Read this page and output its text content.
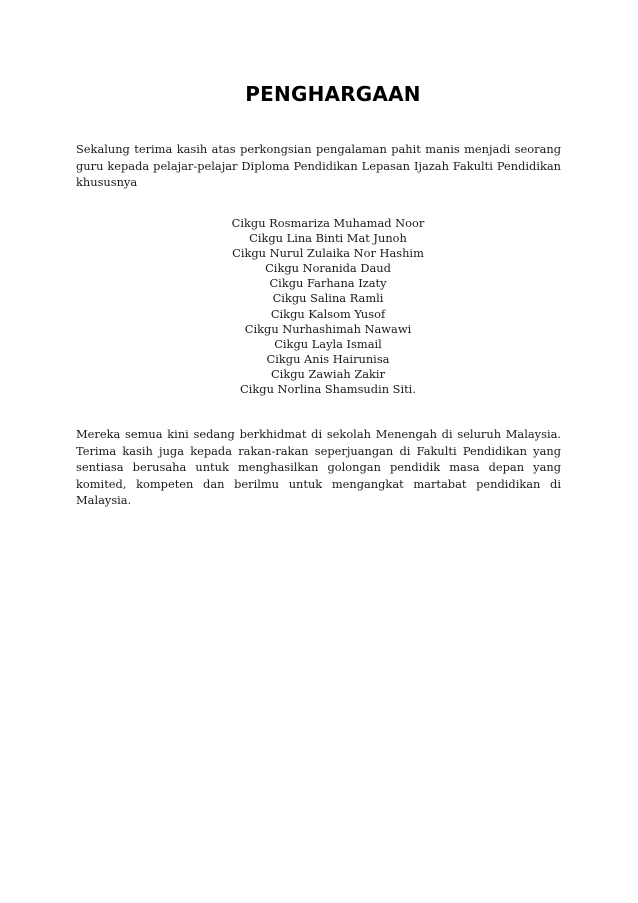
PENGHARGAAN

Sekalung terima kasih atas perkongsian pengalaman pahit manis menjadi seorang guru kepada pelajar-pelajar Diploma Pendidikan Lepasan Ijazah Fakulti Pendidikan khususnya

Cikgu Rosmariza Muhamad Noor
Cikgu Lina Binti Mat Junoh
Cikgu Nurul Zulaika Nor Hashim
Cikgu Noranida Daud
Cikgu Farhana Izaty
Cikgu Salina Ramli
Cikgu Kalsom Yusof
Cikgu Nurhashimah Nawawi
Cikgu Layla Ismail
Cikgu Anis Hairunisa
Cikgu Zawiah Zakir
Cikgu Norlina Shamsudin Siti.

Mereka semua kini sedang berkhidmat di sekolah Menengah di seluruh Malaysia. Terima kasih juga kepada rakan-rakan seperjuangan di Fakulti Pendidikan yang sentiasa berusaha untuk menghasilkan golongan pendidik masa depan yang komited, kompeten dan berilmu untuk mengangkat martabat pendidikan di Malaysia.
